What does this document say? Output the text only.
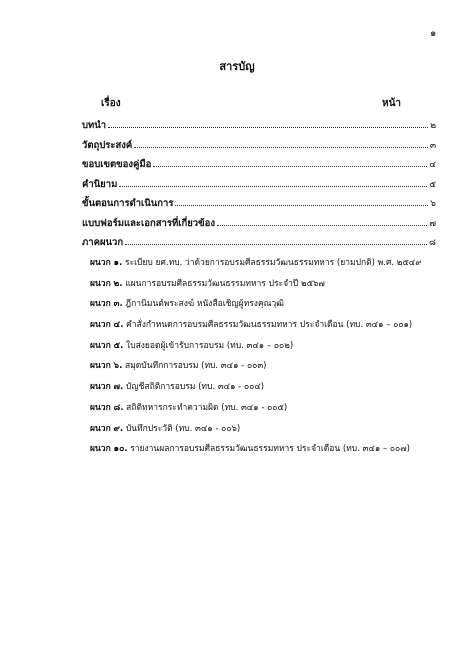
๑
สารบัญ
เรื่อง	หน้า
บทนำ	๒
วัตถุประสงค์	๓
ขอบเขตของคู่มือ	๔
คำนิยาม	๕
ขั้นตอนการดำเนินการ	๖
แบบฟอร์มและเอกสารที่เกี่ยวข้อง	๗
ภาคผนวก	๘
ผนวก ๑. ระเบียบ ยศ.ทบ. ว่าด้วยการอบรมศีลธรรมวัฒนธรรมทหาร (ยามปกติ) พ.ศ. ๒๕๔๙
ผนวก ๒. แผนการอบรมศีลธรรมวัฒนธรรมทหาร ประจำปี ๒๕๖๗
ผนวก ๓. ฎีกานิมนต์พระสงฆ์ หนังสือเชิญผู้ทรงคุณวุฒิ
ผนวก ๔. คำสั่งกำหนดการอบรมศีลธรรมวัฒนธรรมทหาร ประจำเดือน (ทบ. ๓๔๑ – ๐๐๑)
ผนวก ๕. ใบส่งยอดผู้เข้ารับการอบรม (ทบ. ๓๔๑ – ๐๐๒)
ผนวก ๖. สมุดบันทึกการอบรม (ทบ. ๓๔๑ - ๐๐๓)
ผนวก ๗. บัญชีสถิติการอบรม (ทบ. ๓๔๑ - ๐๐๔)
ผนวก ๘. สถิติทหารกระทำความผิด (ทบ. ๓๔๑ - ๐๐๕)
ผนวก ๙. บันทึกประวัติ (ทบ. ๓๔๑ - ๐๐๖)
ผนวก ๑๐. รายงานผลการอบรมศีลธรรมวัฒนธรรมทหาร ประจำเดือน (ทบ. ๓๔๑ – ๐๐๗)
